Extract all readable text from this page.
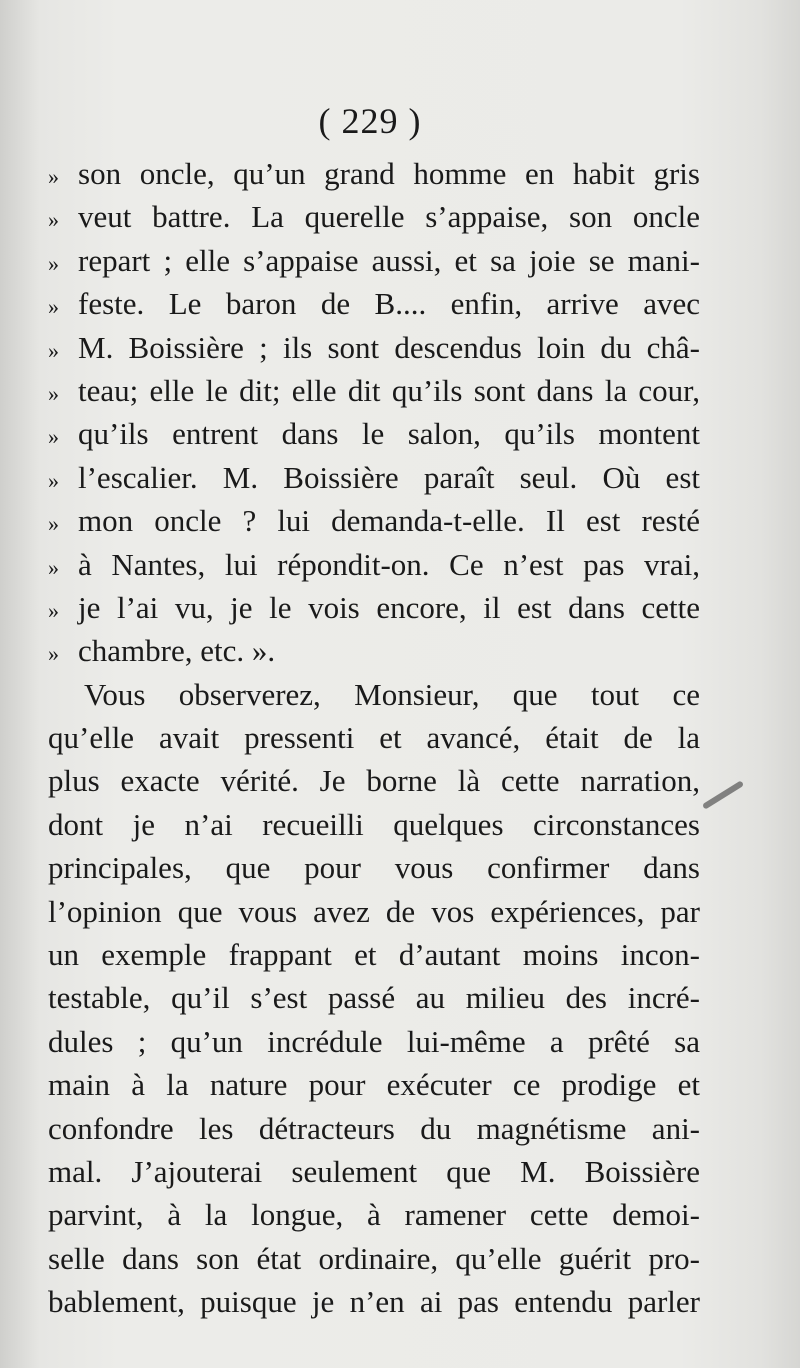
( 229 )
» son oncle, qu’un grand homme en habit gris
» veut battre. La querelle s’appaise, son oncle
» repart ; elle s’appaise aussi, et sa joie se mani-
» feste. Le baron de B.... enfin, arrive avec
» M. Boissière ; ils sont descendus loin du châ-
» teau; elle le dit; elle dit qu’ils sont dans la cour,
» qu’ils entrent dans le salon, qu’ils montent
» l’escalier. M. Boissière paraît seul. Où est
» mon oncle ? lui demanda-t-elle. Il est resté
» à Nantes, lui répondit-on. Ce n’est pas vrai,
» je l’ai vu, je le vois encore, il est dans cette
» chambre, etc. ».
Vous observerez, Monsieur, que tout ce
qu’elle avait pressenti et avancé, était de la
plus exacte vérité. Je borne là cette narration,
dont je n’ai recueilli quelques circonstances
principales, que pour vous confirmer dans
l’opinion que vous avez de vos expériences, par
un exemple frappant et d’autant moins incon-
testable, qu’il s’est passé au milieu des incré-
dules ; qu’un incrédule lui-même a prêté sa
main à la nature pour exécuter ce prodige et
confondre les détracteurs du magnétisme ani-
mal. J’ajouterai seulement que M. Boissière
parvint, à la longue, à ramener cette demoi-
selle dans son état ordinaire, qu’elle guérit pro-
bablement, puisque je n’en ai pas entendu parler
